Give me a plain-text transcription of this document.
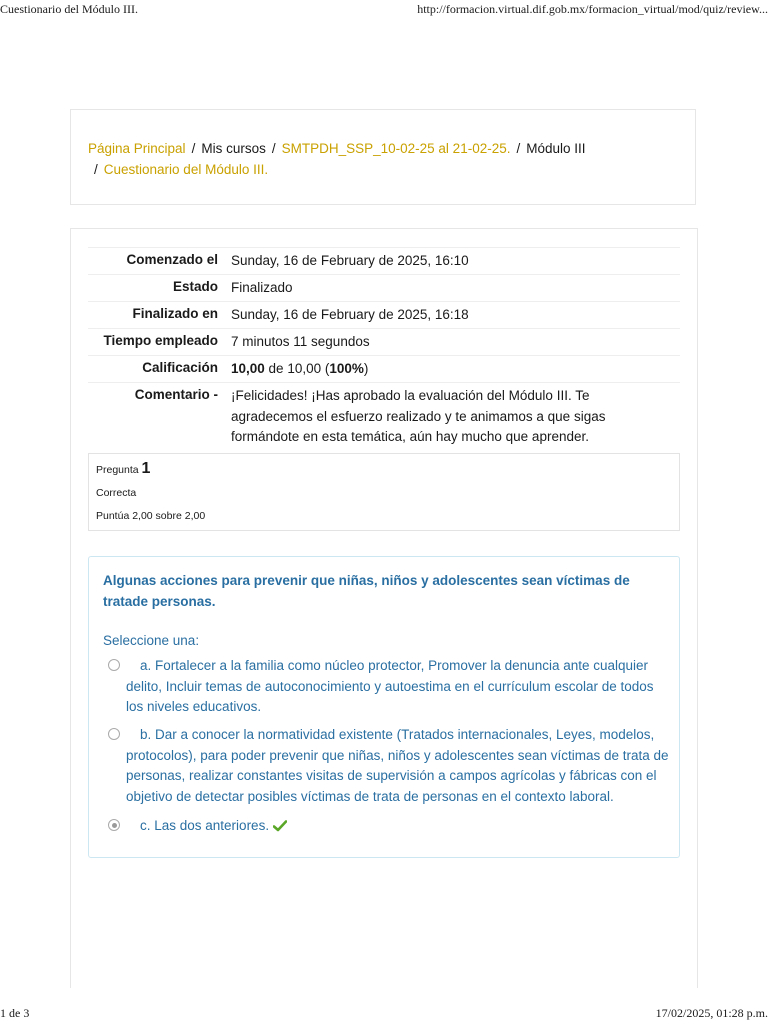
Cuestionario del Módulo III.	http://formacion.virtual.dif.gob.mx/formacion_virtual/mod/quiz/review...
Página Principal / Mis cursos / SMTPDH_SSP_10-02-25 al 21-02-25. / Módulo III
/ Cuestionario del Módulo III.
Comenzado el	Sunday, 16 de February de 2025, 16:10
Estado	Finalizado
Finalizado en	Sunday, 16 de February de 2025, 16:18
Tiempo empleado	7 minutos 11 segundos
Calificación	10,00 de 10,00 (100%)
Comentario -	¡Felicidades! ¡Has aprobado la evaluación del Módulo III. Te agradecemos el esfuerzo realizado y te animamos a que sigas formándote en esta temática, aún hay mucho que aprender.
Pregunta 1
Correcta
Puntúa 2,00 sobre 2,00
Algunas acciones para prevenir que niñas, niños y adolescentes sean víctimas de tratade personas.
Seleccione una:
a. Fortalecer a la familia como núcleo protector, Promover la denuncia ante cualquier delito, Incluir temas de autoconocimiento y autoestima en el currículum escolar de todos los niveles educativos.
b. Dar a conocer la normatividad existente (Tratados internacionales, Leyes, modelos, protocolos), para poder prevenir que niñas, niños y adolescentes sean víctimas de trata de personas, realizar constantes visitas de supervisión a campos agrícolas y fábricas con el objetivo de detectar posibles víctimas de trata de personas en el contexto laboral.
c. Las dos anteriores.
1 de 3	17/02/2025, 01:28 p.m.
